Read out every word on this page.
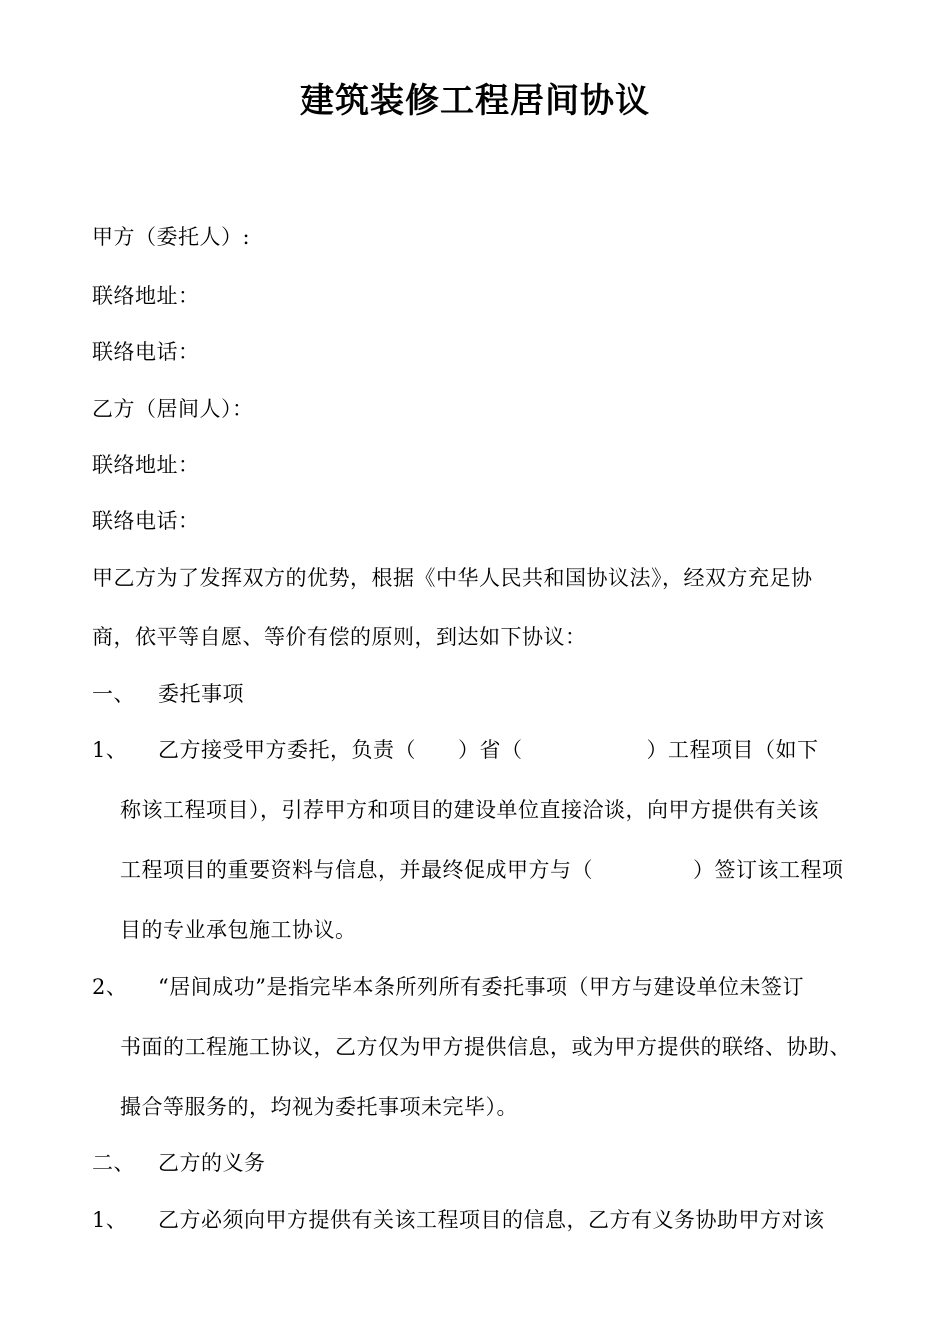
建筑装修工程居间协议
甲方（委托人）:
联络地址：
联络电话：
乙方（居间人）：
联络地址：
联络电话：
甲乙方为了发挥双方的优势，根据《中华人民共和国协议法》，经双方充足协
商，依平等自愿、等价有偿的原则，到达如下协议：
一、 委托事项
1、 乙方接受甲方委托，负责（ ）省（	）工程项目（如下
称该工程项目），引荐甲方和项目的建设单位直接洽谈，向甲方提供有关该
工程项目的重要资料与信息，并最终促成甲方与（	）签订该工程项
目的专业承包施工协议。
2、 “居间成功”是指完毕本条所列所有委托事项（甲方与建设单位未签订
书面的工程施工协议，乙方仅为甲方提供信息，或为甲方提供的联络、协助、
撮合等服务的，均视为委托事项未完毕）。
二、 乙方的义务
1、 乙方必须向甲方提供有关该工程项目的信息，乙方有义务协助甲方对该
